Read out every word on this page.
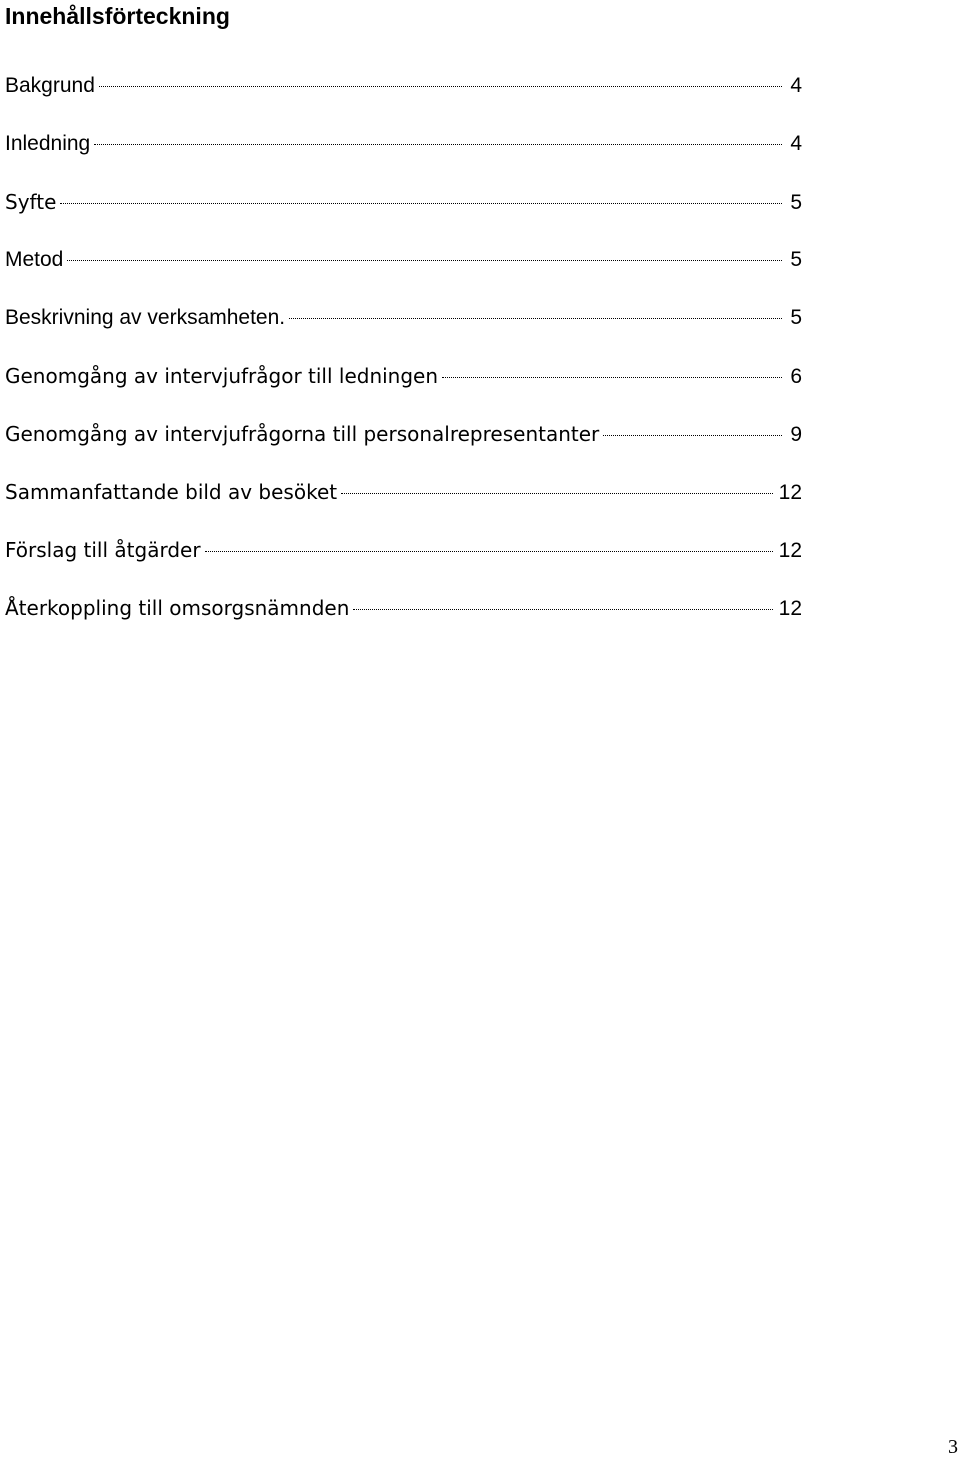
Innehållsförteckning
Bakgrund	4
Inledning	4
Syfte	5
Metod	5
Beskrivning av verksamheten.	5
Genomgång av intervjufrågor till ledningen	6
Genomgång av intervjufrågorna till personalrepresentanter	9
Sammanfattande bild av besöket	12
Förslag till åtgärder	12
Återkoppling till omsorgsnämnden	12
3
